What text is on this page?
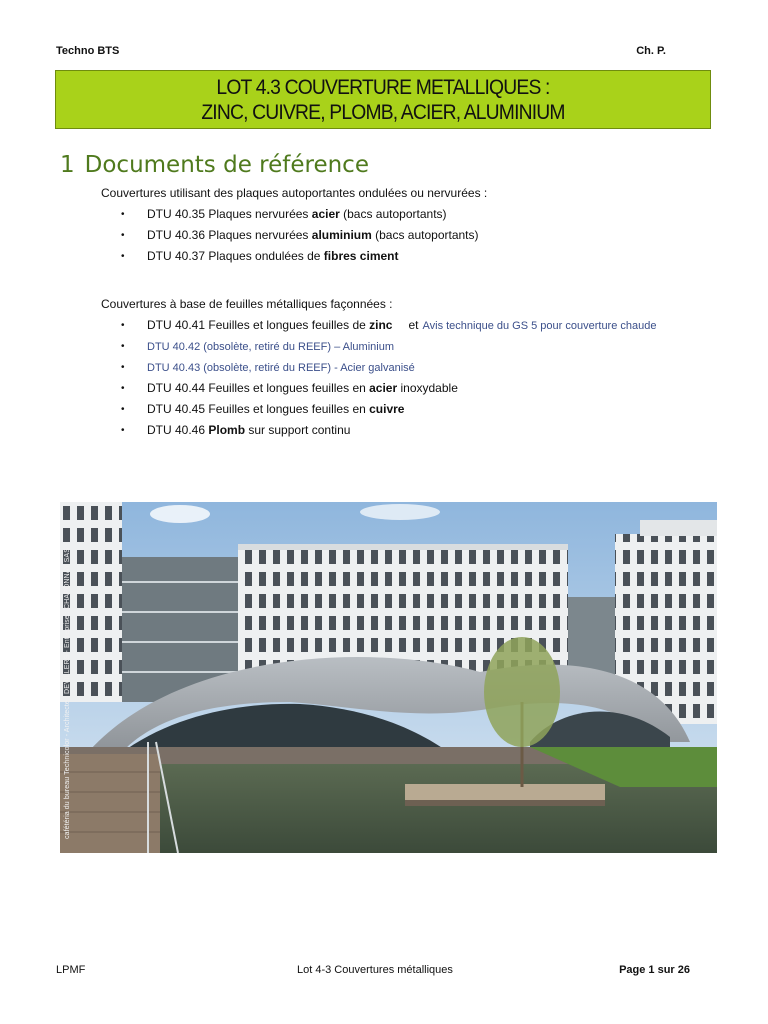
Techno BTS	Ch. P.
LOT 4.3 COUVERTURE METALLIQUES :
ZINC, CUIVRE, PLOMB, ACIER, ALUMINIUM
1 Documents de référence
Couvertures utilisant des plaques autoportantes ondulées ou nervurées :
• DTU 40.35 Plaques nervurées acier (bacs autoportants)
• DTU 40.36 Plaques nervurées aluminium (bacs autoportants)
• DTU 40.37 Plaques ondulées de fibres ciment
Couvertures à base de feuilles métalliques façonnées :
• DTU 40.41 Feuilles et longues feuilles de zinc et Avis technique du GS 5 pour couverture chaude
• DTU 40.42 (obsolète, retiré du REEF) – Aluminium
• DTU 40.43 (obsolète, retiré du REEF) - Acier galvanisé
• DTU 40.44 Feuilles et longues feuilles en acier inoxydable
• DTU 40.45 Feuilles et longues feuilles en cuivre
• DTU 40.46 Plomb sur support continu
cafétéria du bureau Technicolor - Architecte : DEVILLERS - Entreprise : CHAPONNAY SAS
LPMF	Lot 4-3 Couvertures métalliques	Page 1 sur 26
